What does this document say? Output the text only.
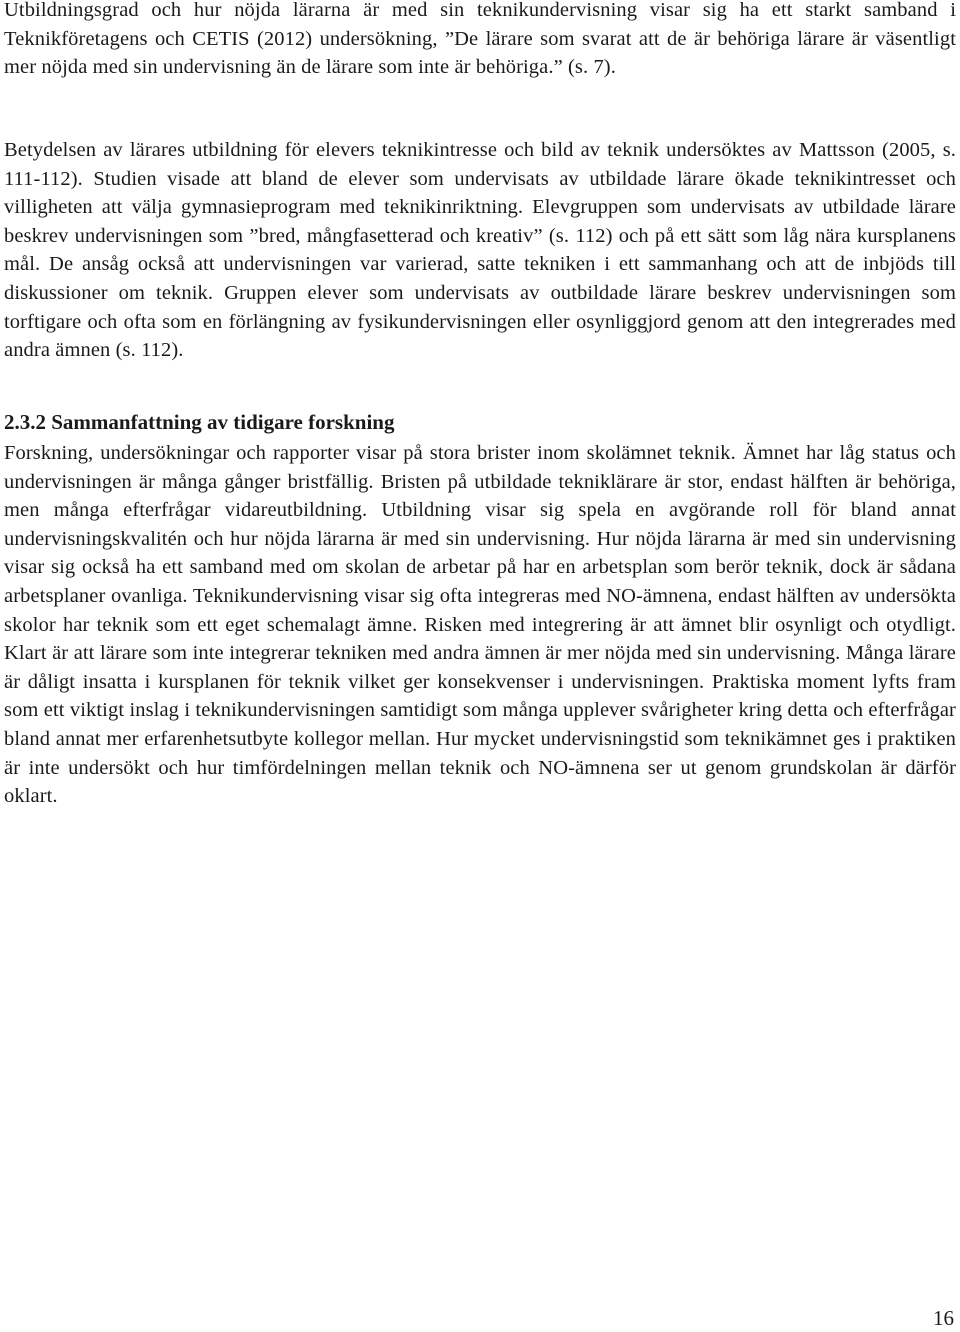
Utbildningsgrad och hur nöjda lärarna är med sin teknikundervisning visar sig ha ett starkt samband i Teknikföretagens och CETIS (2012) undersökning, ”De lärare som svarat att de är behöriga lärare är väsentligt mer nöjda med sin undervisning än de lärare som inte är behöriga.” (s. 7).

Betydelsen av lärares utbildning för elevers teknikintresse och bild av teknik undersöktes av Mattsson (2005, s. 111-112). Studien visade att bland de elever som undervisats av utbildade lärare ökade teknikintresset och villigheten att välja gymnasieprogram med teknikinriktning. Elevgruppen som undervisats av utbildade lärare beskrev undervisningen som ”bred, mångfasetterad och kreativ” (s. 112) och på ett sätt som låg nära kursplanens mål. De ansåg också att undervisningen var varierad, satte tekniken i ett sammanhang och att de inbjöds till diskussioner om teknik. Gruppen elever som undervisats av outbildade lärare beskrev undervisningen som torftigare och ofta som en förlängning av fysikundervisningen eller osynliggjord genom att den integrerades med andra ämnen (s. 112).

2.3.2 Sammanfattning av tidigare forskning

Forskning, undersökningar och rapporter visar på stora brister inom skolämnet teknik. Ämnet har låg status och undervisningen är många gånger bristfällig. Bristen på utbildade tekniklärare är stor, endast hälften är behöriga, men många efterfrågar vidareutbildning. Utbildning visar sig spela en avgörande roll för bland annat undervisningskvalitén och hur nöjda lärarna är med sin undervisning. Hur nöjda lärarna är med sin undervisning visar sig också ha ett samband med om skolan de arbetar på har en arbetsplan som berör teknik, dock är sådana arbetsplaner ovanliga. Teknikundervisning visar sig ofta integreras med NO-ämnena, endast hälften av undersökta skolor har teknik som ett eget schemalagt ämne. Risken med integrering är att ämnet blir osynligt och otydligt. Klart är att lärare som inte integrerar tekniken med andra ämnen är mer nöjda med sin undervisning. Många lärare är dåligt insatta i kursplanen för teknik vilket ger konsekvenser i undervisningen. Praktiska moment lyfts fram som ett viktigt inslag i teknikundervisningen samtidigt som många upplever svårigheter kring detta och efterfrågar bland annat mer erfarenhetsutbyte kollegor mellan. Hur mycket undervisningstid som teknikämnet ges i praktiken är inte undersökt och hur timfördelningen mellan teknik och NO-ämnena ser ut genom grundskolan är därför oklart.

16
